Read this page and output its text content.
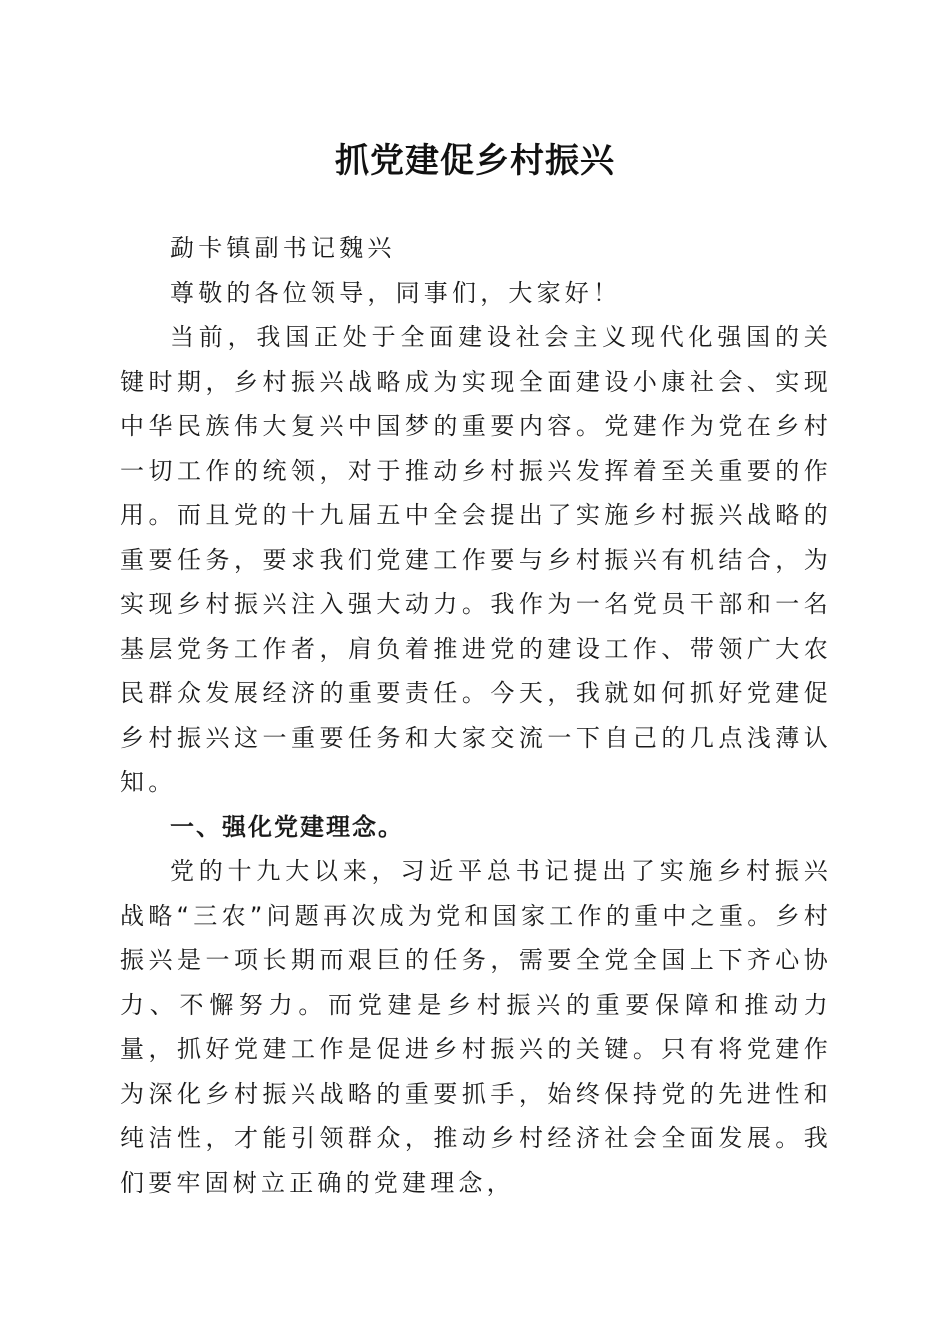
抓党建促乡村振兴

勐卡镇副书记魏兴

尊敬的各位领导，同事们，大家好！

当前，我国正处于全面建设社会主义现代化强国的关键时期，乡村振兴战略成为实现全面建设小康社会、实现中华民族伟大复兴中国梦的重要内容。党建作为党在乡村一切工作的统领，对于推动乡村振兴发挥着至关重要的作用。而且党的十九届五中全会提出了实施乡村振兴战略的重要任务，要求我们党建工作要与乡村振兴有机结合，为实现乡村振兴注入强大动力。我作为一名党员干部和一名基层党务工作者，肩负着推进党的建设工作、带领广大农民群众发展经济的重要责任。今天，我就如何抓好党建促乡村振兴这一重要任务和大家交流一下自己的几点浅薄认知。

一、强化党建理念。

党的十九大以来，习近平总书记提出了实施乡村振兴战略“三农”问题再次成为党和国家工作的重中之重。乡村振兴是一项长期而艰巨的任务，需要全党全国上下齐心协力、不懈努力。而党建是乡村振兴的重要保障和推动力量，抓好党建工作是促进乡村振兴的关键。只有将党建作为深化乡村振兴战略的重要抓手，始终保持党的先进性和纯洁性，才能引领群众，推动乡村经济社会全面发展。我们要牢固树立正确的党建理念，
